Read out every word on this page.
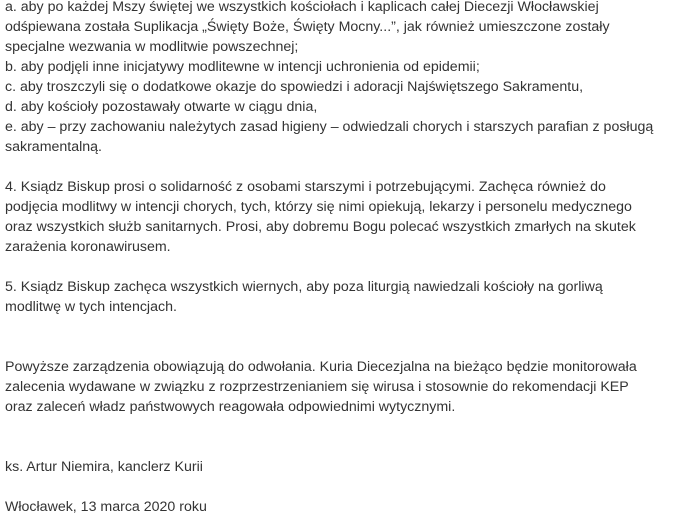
a. aby po każdej Mszy świętej we wszystkich kościołach i kaplicach całej Diecezji Włocławskiej
odśpiewana została Suplikacja „Święty Boże, Święty Mocny...”, jak również umieszczone zostały
specjalne wezwania w modlitwie powszechnej;
b. aby podjęli inne inicjatywy modlitewne w intencji uchronienia od epidemii;
c. aby troszczyli się o dodatkowe okazje do spowiedzi i adoracji Najświętszego Sakramentu,
d. aby kościoły pozostawały otwarte w ciągu dnia,
e. aby – przy zachowaniu należytych zasad higieny – odwiedzali chorych i starszych parafian z posługą
sakramentalną.
4. Ksiądz Biskup prosi o solidarność z osobami starszymi i potrzebującymi. Zachęca również do
podjęcia modlitwy w intencji chorych, tych, którzy się nimi opiekują, lekarzy i personelu medycznego
oraz wszystkich służb sanitarnych. Prosi, aby dobremu Bogu polecać wszystkich zmarłych na skutek
zarażenia koronawirusem.
5. Ksiądz Biskup zachęca wszystkich wiernych, aby poza liturgią nawiedzali kościoły na gorliwą
modlitwę w tych intencjach.
Powyższe zarządzenia obowiązują do odwołania. Kuria Diecezjalna na bieżąco będzie monitorowała
zalecenia wydawane w związku z rozprzestrzenianiem się wirusa i stosownie do rekomendacji KEP
oraz zaleceń władz państwowych reagowała odpowiednimi wytycznymi.
ks. Artur Niemira, kanclerz Kurii
Włocławek, 13 marca 2020 roku
